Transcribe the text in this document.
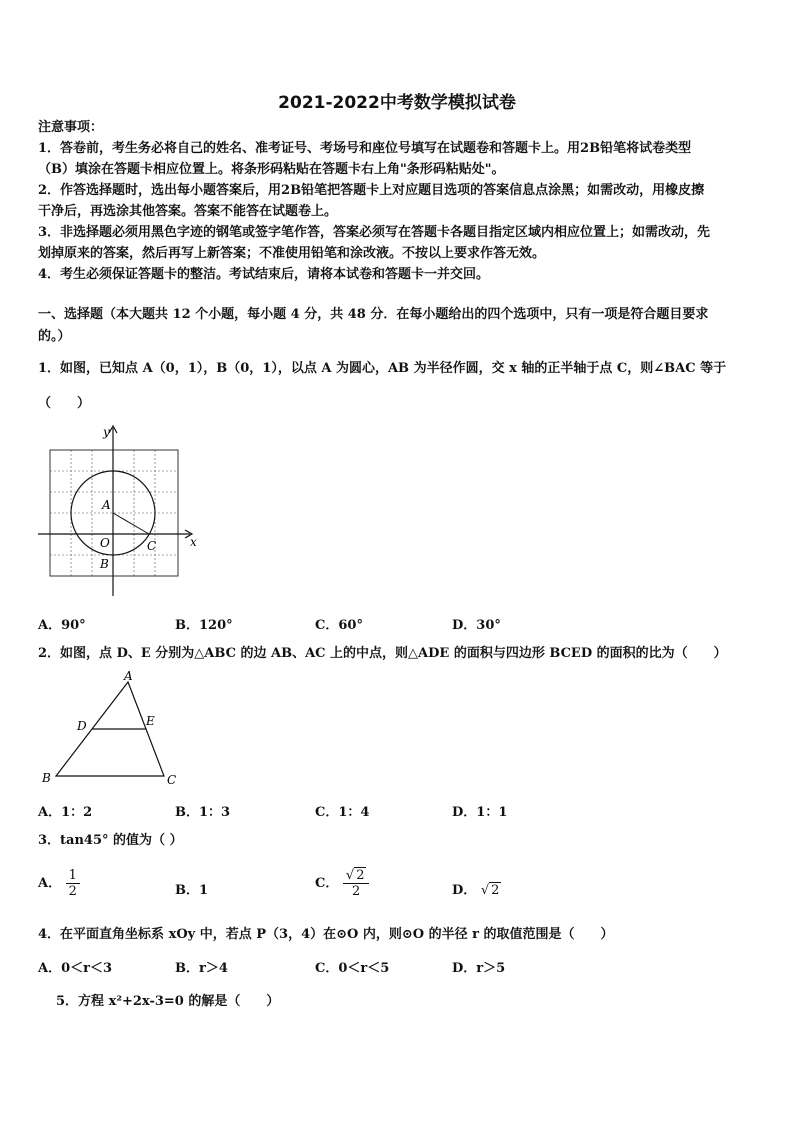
2021-2022中考数学模拟试卷
注意事项：
1．答卷前，考生务必将自己的姓名、准考证号、考场号和座位号填写在试题卷和答题卡上。用2B铅笔将试卷类型
（B）填涂在答题卡相应位置上。将条形码粘贴在答题卡右上角"条形码粘贴处"。
2．作答选择题时，选出每小题答案后，用2B铅笔把答题卡上对应题目选项的答案信息点涂黑；如需改动，用橡皮擦
干净后，再选涂其他答案。答案不能答在试题卷上。
3．非选择题必须用黑色字迹的钢笔或签字笔作答，答案必须写在答题卡各题目指定区域内相应位置上；如需改动，先
划掉原来的答案，然后再写上新答案；不准使用铅笔和涂改液。不按以上要求作答无效。
4．考生必须保证答题卡的整洁。考试结束后，请将本试卷和答题卡一并交回。
一、选择题（本大题共 12 个小题，每小题 4 分，共 48 分．在每小题给出的四个选项中，只有一项是符合题目要求
的。）
1．如图，已知点 A（0，1），B（0，1），以点 A 为圆心，AB 为半径作圆，交 x 轴的正半轴于点 C，则∠BAC 等于
（　　）
y
x
A
O	C
B
A．90°	B．120°	C．60°	D．30°
2．如图，点 D、E 分别为△ABC 的边 AB、AC 上的中点，则△ADE 的面积与四边形 BCED 的面积的比为（　　）
A
D	E
B	C
A．1：2	B．1：3	C．1：4	D．1：1
3．tan45° 的值为（ ）
A． $\frac{1}{2}$	B．1	C． $\frac{√ 2}{2}$	D． √ 2
4．在平面直角坐标系 xOy 中，若点 P（3，4）在⊙O 内，则⊙O 的半径 r 的取值范围是（　　）
A．0＜r＜3	B．r＞4	C．0＜r＜5	D．r＞5
5．方程 x²+2x-3=0 的解是（　　）
